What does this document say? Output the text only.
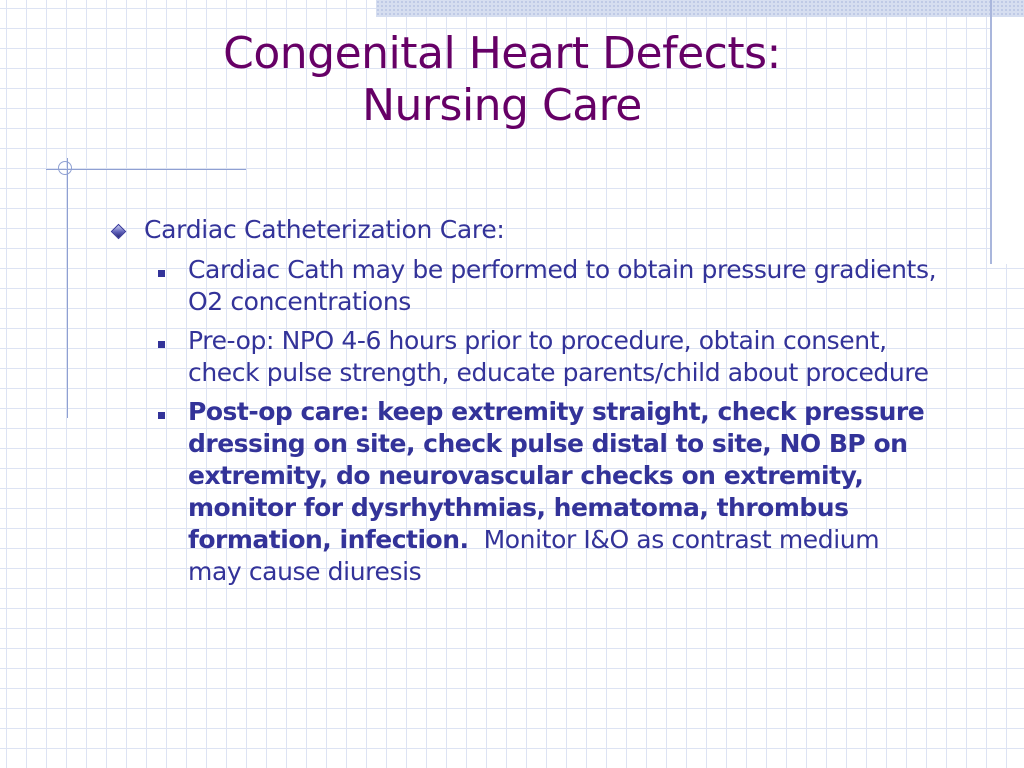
Congenital Heart Defects:
Nursing Care

Cardiac Catheterization Care:

Cardiac Cath may be performed to obtain pressure gradients, O2 concentrations
Pre-op: NPO 4-6 hours prior to procedure, obtain consent, check pulse strength, educate parents/child about procedure
Post-op care: keep extremity straight, check pressure dressing on site, check pulse distal to site, NO BP on extremity, do neurovascular checks on extremity, monitor for dysrhythmias, hematoma, thrombus formation, infection. Monitor I&O as contrast medium may cause diuresis
